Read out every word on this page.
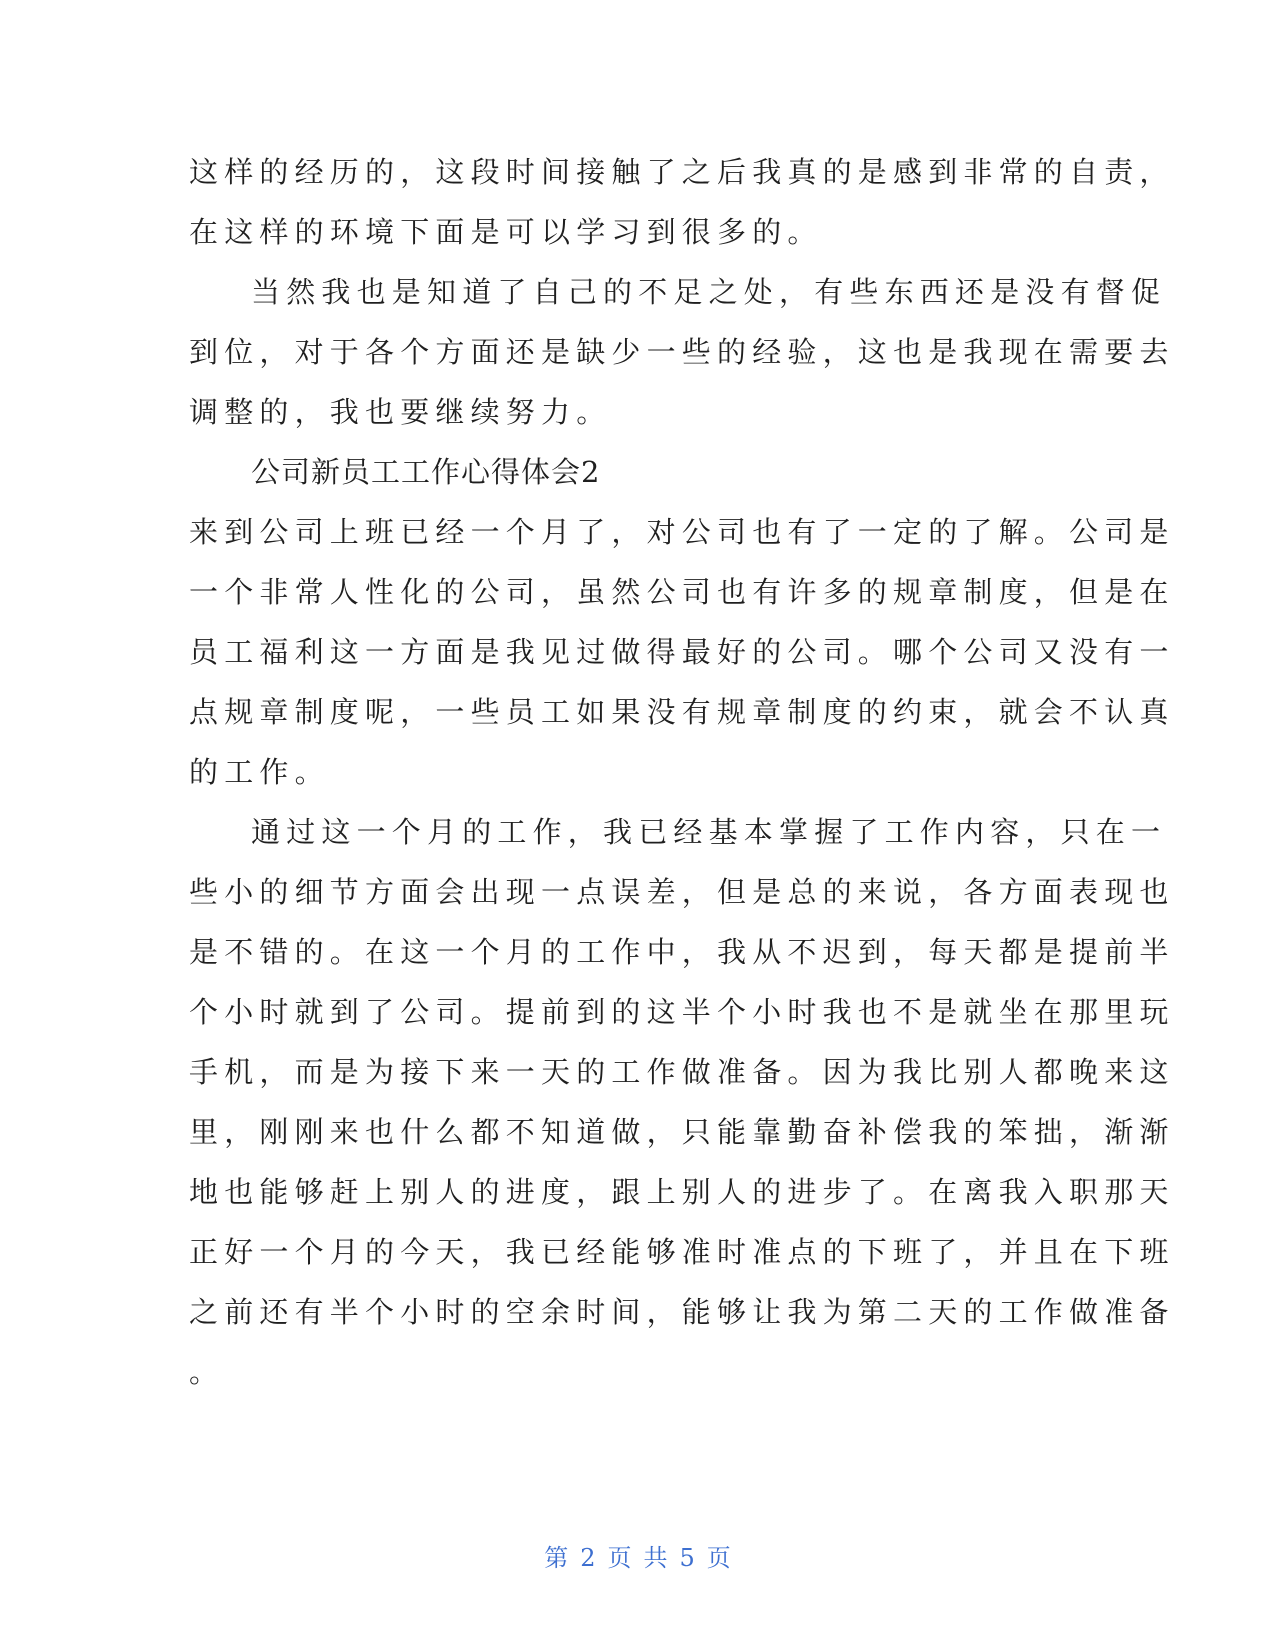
这样的经历的，这段时间接触了之后我真的是感到非常的自责，
在这样的环境下面是可以学习到很多的。
当然我也是知道了自己的不足之处，有些东西还是没有督促
到位，对于各个方面还是缺少一些的经验，这也是我现在需要去
调整的，我也要继续努力。
公司新员工工作心得体会2
来到公司上班已经一个月了，对公司也有了一定的了解。公司是
一个非常人性化的公司，虽然公司也有许多的规章制度，但是在
员工福利这一方面是我见过做得最好的公司。哪个公司又没有一
点规章制度呢，一些员工如果没有规章制度的约束，就会不认真
的工作。
通过这一个月的工作，我已经基本掌握了工作内容，只在一
些小的细节方面会出现一点误差，但是总的来说，各方面表现也
是不错的。在这一个月的工作中，我从不迟到，每天都是提前半
个小时就到了公司。提前到的这半个小时我也不是就坐在那里玩
手机，而是为接下来一天的工作做准备。因为我比别人都晚来这
里，刚刚来也什么都不知道做，只能靠勤奋补偿我的笨拙，渐渐
地也能够赶上别人的进度，跟上别人的进步了。在离我入职那天
正好一个月的今天，我已经能够准时准点的下班了，并且在下班
之前还有半个小时的空余时间，能够让我为第二天的工作做准备
。
第 2 页 共 5 页
